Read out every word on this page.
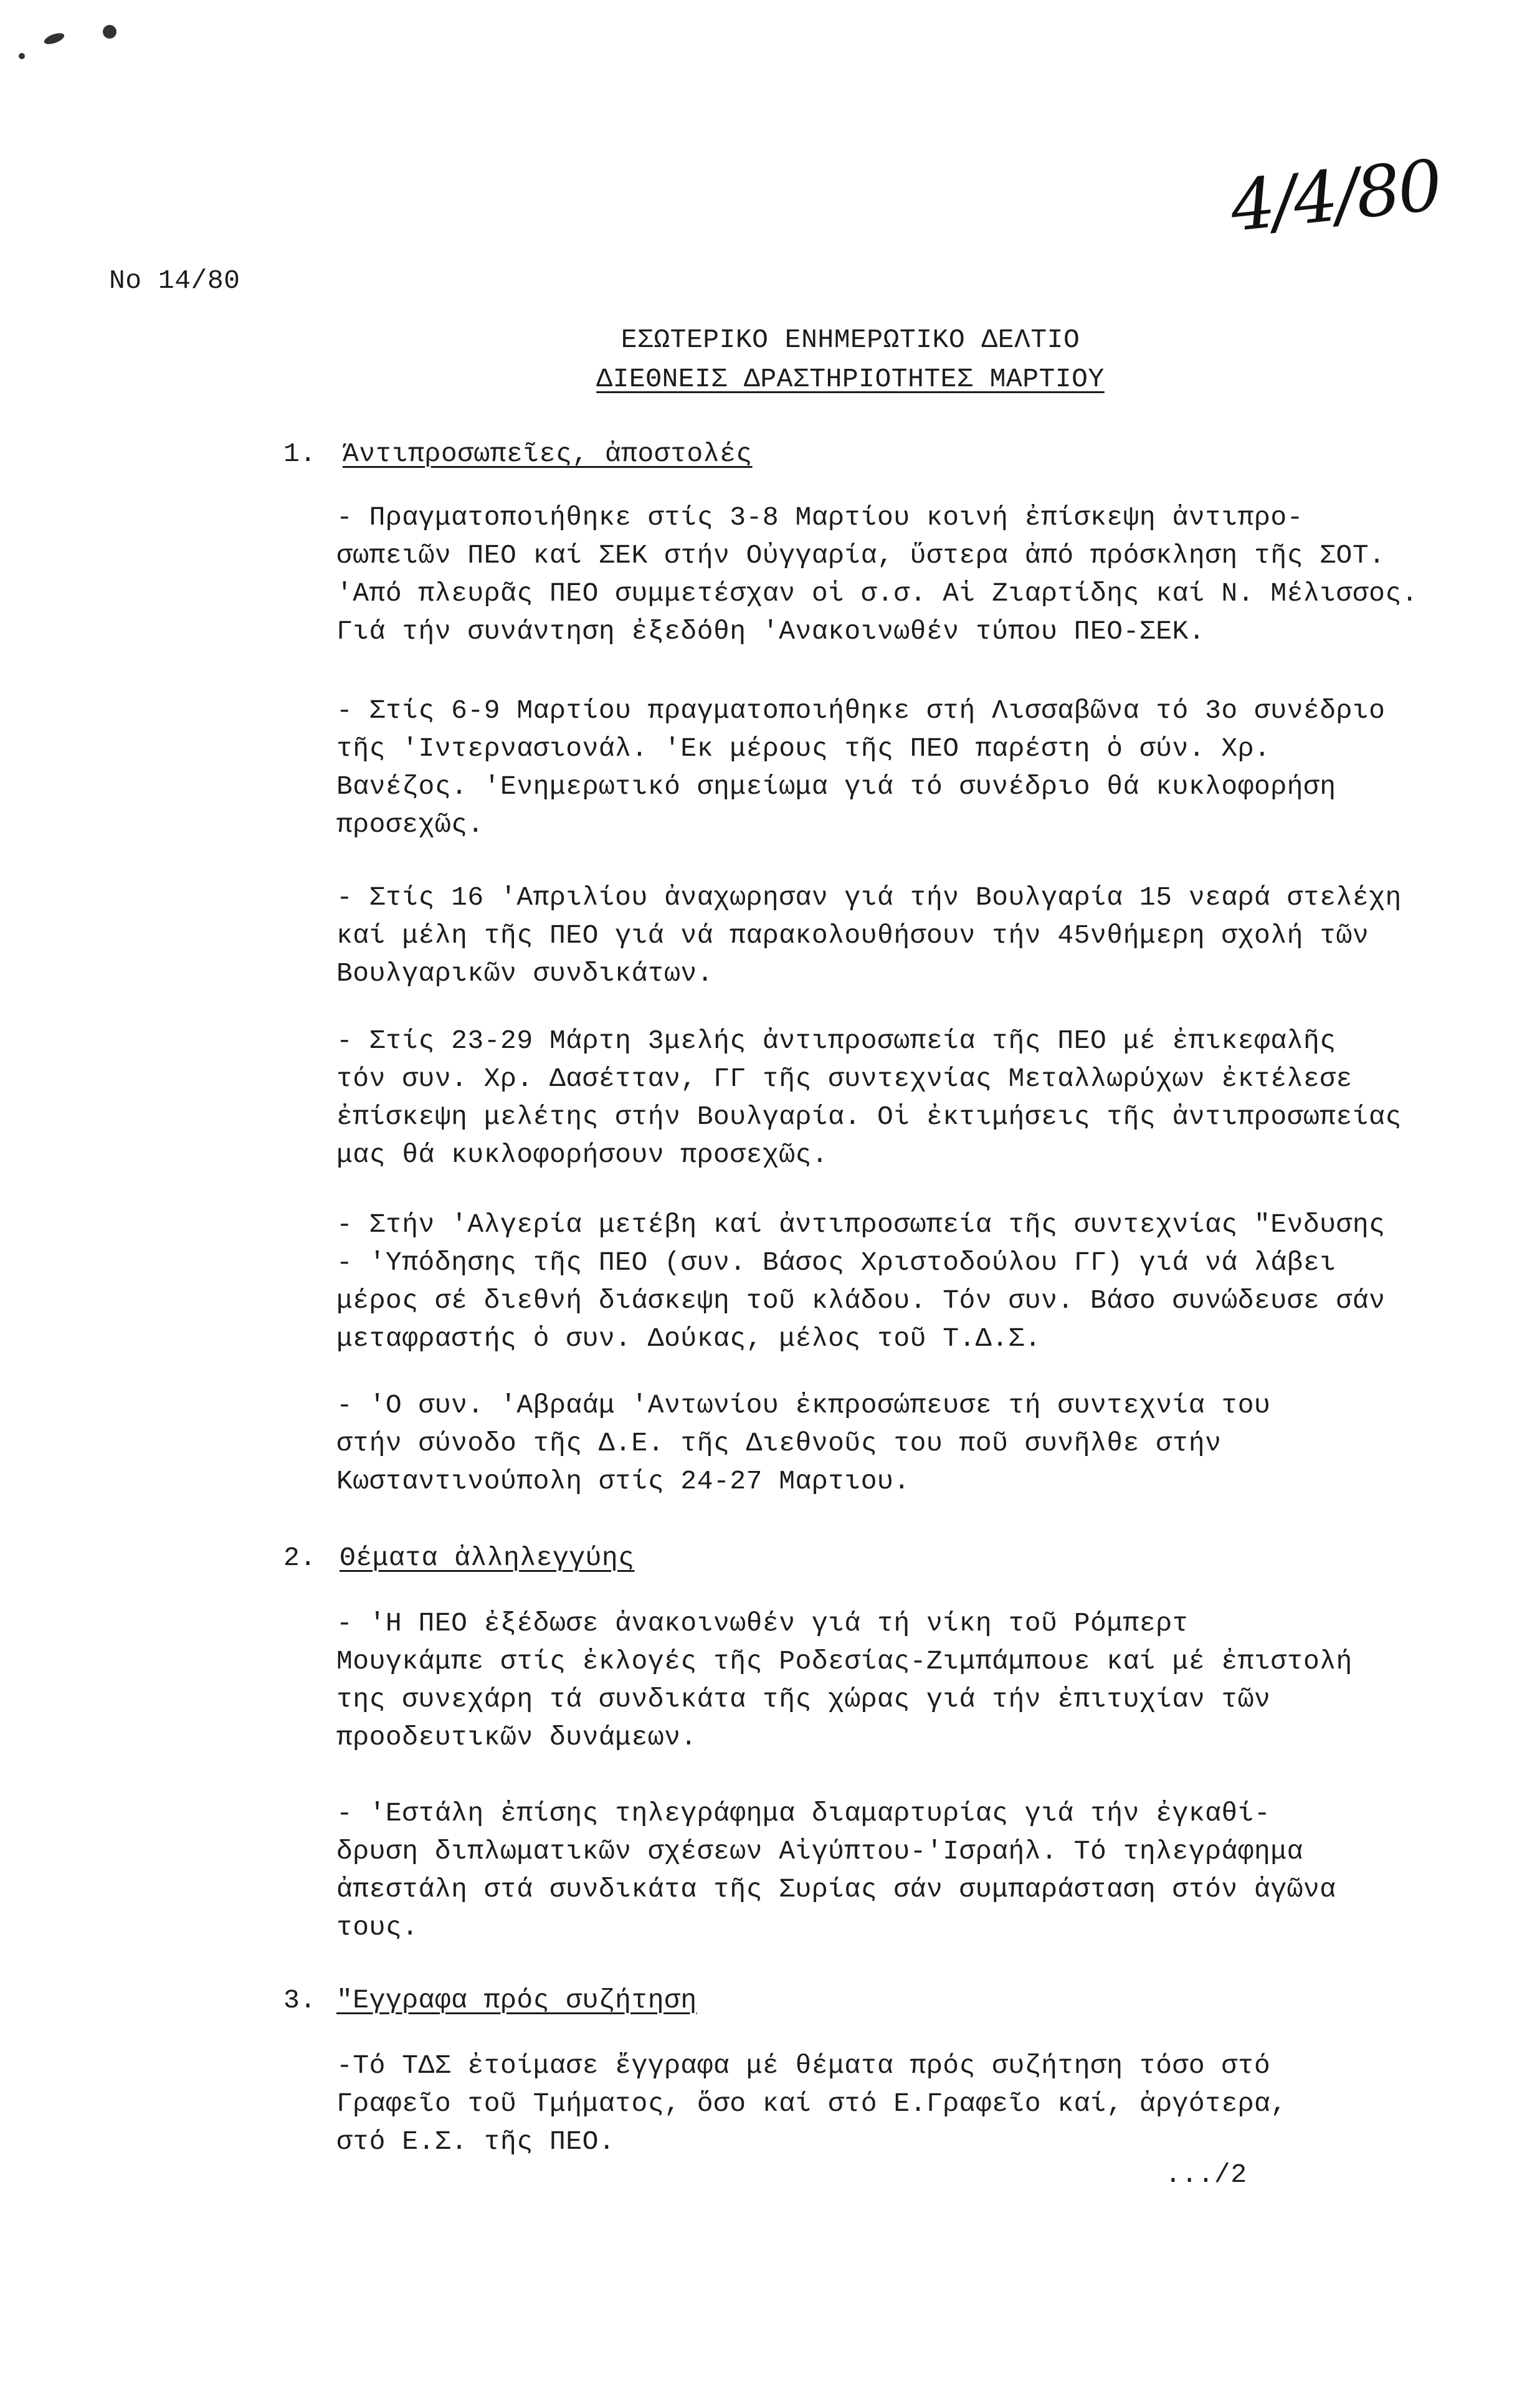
4/4/80
No 14/80
ΕΣΩΤΕΡΙΚΟ ΕΝΗΜΕΡΩΤΙΚΟ ΔΕΛΤΙΟ
ΔΙΕΘΝΕΙΣ ΔΡΑΣΤΗΡΙΟΤΗΤΕΣ ΜΑΡΤΙΟΥ
1. Άντιπροσωπεῖες, ἀποστολές
- Πραγματοποιήθηκε στίς 3-8 Μαρτίου κοινή ἐπίσκεψη ἀντιπρο-
σωπειῶν ΠΕΟ καί ΣΕΚ στήν Οὐγγαρία, ὕστερα ἀπό πρόσκληση τῆς ΣΟΤ.
'Από πλευρᾶς ΠΕΟ συμμετέσχαν οἱ σ.σ. Αἱ Ζιαρτίδης καί Ν. Μέλισσος.
Γιά τήν συνάντηση ἐξεδόθη 'Ανακοινωθέν τύπου ΠΕΟ-ΣΕΚ.
- Στίς 6-9 Μαρτίου πραγματοποιήθηκε στή Λισσαβῶνα τό 3ο συνέδριο
τῆς 'Ιντερνασιονάλ. 'Εκ μέρους τῆς ΠΕΟ παρέστη ὁ σύν. Χρ.
Βανέζος. 'Ενημερωτικό σημείωμα γιά τό συνέδριο θά κυκλοφορήση
προσεχῶς.
- Στίς 16 'Απριλίου ἀναχωρησαν γιά τήν Βουλγαρία 15 νεαρά στελέχη
καί μέλη τῆς ΠΕΟ γιά νά παρακολουθήσουν τήν 45νθήμερη σχολή τῶν
Βουλγαρικῶν συνδικάτων.
- Στίς 23-29 Μάρτη 3μελής ἀντιπροσωπεία τῆς ΠΕΟ μέ ἐπικεφαλῆς
τόν συν. Χρ. Δασέτταν, ΓΓ τῆς συντεχνίας Μεταλλωρύχων ἐκτέλεσε
ἐπίσκεψη μελέτης στήν Βουλγαρία. Οἱ ἐκτιμήσεις τῆς ἀντιπροσωπείας
μας θά κυκλοφορήσουν προσεχῶς.
- Στήν 'Αλγερία μετέβη καί ἀντιπροσωπεία τῆς συντεχνίας "Ενδυσης
- 'Υπόδησης τῆς ΠΕΟ (συν. Βάσος Χριστοδούλου ΓΓ) γιά νά λάβει
μέρος σέ διεθνή διάσκεψη τοῦ κλάδου. Τόν συν. Βάσο συνώδευσε σάν
μεταφραστής ὁ συν. Δούκας, μέλος τοῦ Τ.Δ.Σ.
- 'Ο συν. 'Αβραάμ 'Αντωνίου ἐκπροσώπευσε τή συντεχνία του
στήν σύνοδο τῆς Δ.Ε. τῆς Διεθνοῦς του ποῦ συνῆλθε στήν
Κωσταντινούπολη στίς 24-27 Μαρτιου.
2. Θέματα ἀλληλεγγύης
- 'Η ΠΕΟ ἐξέδωσε ἀνακοινωθέν γιά τή νίκη τοῦ Ρόμπερτ
Μουγκάμπε στίς ἐκλογές τῆς Ροδεσίας-Ζιμπάμπουε καί μέ ἐπιστολή
της συνεχάρη τά συνδικάτα τῆς χώρας γιά τήν ἐπιτυχίαν τῶν
προοδευτικῶν δυνάμεων.
- 'Εστάλη ἐπίσης τηλεγράφημα διαμαρτυρίας γιά τήν ἐγκαθί-
δρυση διπλωματικῶν σχέσεων Αἰγύπτου-'Ισραήλ. Τό τηλεγράφημα
ἀπεστάλη στά συνδικάτα τῆς Συρίας σάν συμπαράσταση στόν ἀγῶνα
τους.
3. "Εγγραφα πρός συζήτηση
-Τό ΤΔΣ ἐτοίμασε ἔγγραφα μέ θέματα πρός συζήτηση τόσο στό
Γραφεῖο τοῦ Τμήματος, ὅσο καί στό Ε.Γραφεῖο καί, ἀργότερα,
στό Ε.Σ. τῆς ΠΕΟ.
.../2
